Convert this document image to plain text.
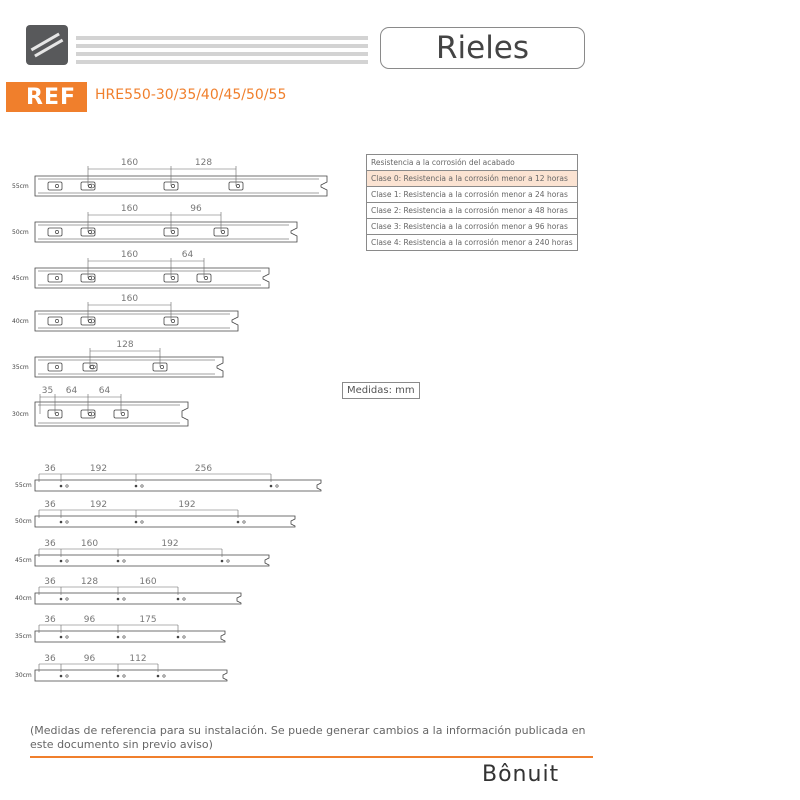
Rieles
REF	HRE550-30/35/40/45/50/55
Resistencia a la corrosión del acabado
Clase 0: Resistencia a la corrosión menor a 12 horas
Clase 1: Resistencia a la corrosión menor a 24 horas
Clase 2: Resistencia a la corrosión menor a 48 horas
Clase 3: Resistencia a la corrosión menor a 96 horas
Clase 4: Resistencia a la corrosión menor a 240 horas
Medidas: mm
55cm
160	128
50cm
160	96
45cm
160	64
40cm
160
35cm
128
30cm
35 64 64
55cm
36	192	256
50cm
36	192	192
45cm
36	160	192
40cm
36	128	160
35cm
36	96	175
30cm
36	96	112
(Medidas de referencia para su instalación. Se puede generar cambios a la información publicada en este documento sin previo aviso)
Bônuit
